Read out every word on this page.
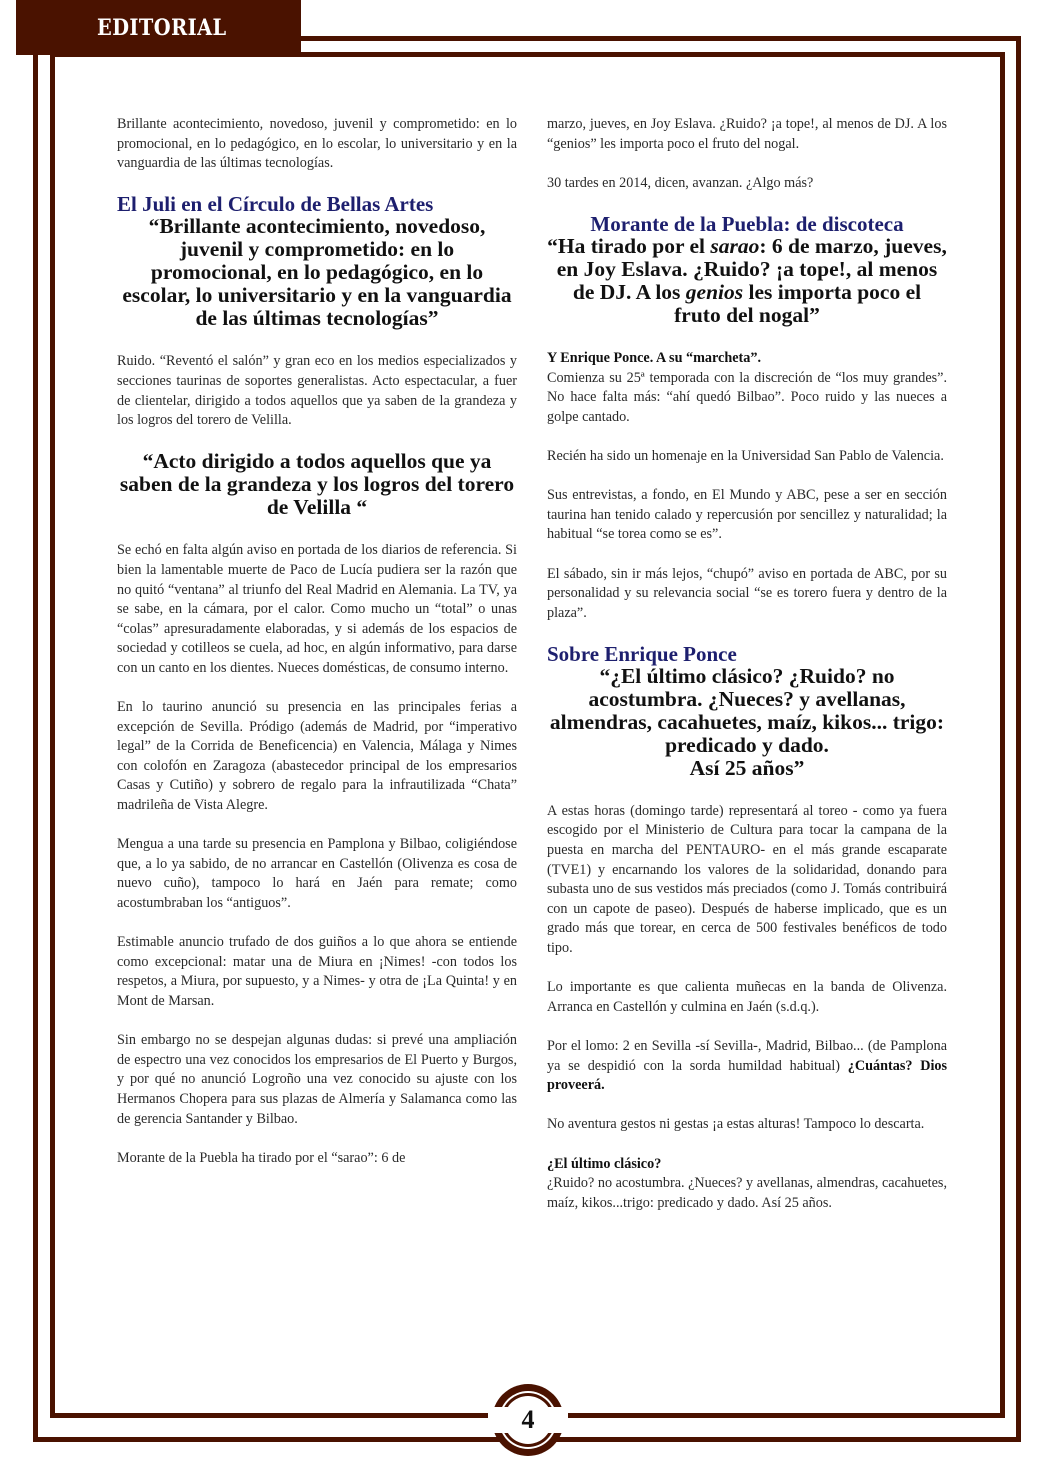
EDITORIAL

Brillante acontecimiento, novedoso, juvenil y comprometido: en lo promocional, en lo pedagógico, en lo escolar, lo universitario y en la vanguardia de las últimas tecnologías.

El Juli en el Círculo de Bellas Artes
“Brillante acontecimiento, novedoso, juvenil y comprometido: en lo promocional, en lo pedagógico, en lo escolar, lo universitario y en la vanguardia de las últimas tecnologías”

Ruido. “Reventó el salón” y gran eco en los medios especializados y secciones taurinas de soportes generalistas. Acto espectacular, a fuer de clientelar, dirigido a todos aquellos que ya saben de la grandeza y los logros del torero de Velilla.

“Acto dirigido a todos aquellos que ya saben de la grandeza y los logros del torero de Velilla “

Se echó en falta algún aviso en portada de los diarios de referencia. Si bien la lamentable muerte de Paco de Lucía pudiera ser la razón que no quitó “ventana” al triunfo del Real Madrid en Alemania. La TV, ya se sabe, en la cámara, por el calor. Como mucho un “total” o unas “colas” apresuradamente elaboradas, y si además de los espacios de sociedad y cotilleos se cuela, ad hoc, en algún informativo, para darse con un canto en los dientes. Nueces domésticas, de consumo interno.

En lo taurino anunció su presencia en las principales ferias a excepción de Sevilla. Pródigo (además de Madrid, por “imperativo legal” de la Corrida de Beneficencia) en Valencia, Málaga y Nimes con colofón en Zaragoza (abastecedor principal de los empresarios Casas y Cutiño) y sobrero de regalo para la infrautilizada “Chata” madrileña de Vista Alegre.

Mengua a una tarde su presencia en Pamplona y Bilbao, coligiéndose que, a lo ya sabido, de no arrancar en Castellón (Olivenza es cosa de nuevo cuño), tampoco lo hará en Jaén para remate; como acostumbraban los “antiguos”.

Estimable anuncio trufado de dos guiños a lo que ahora se entiende como excepcional: matar una de Miura en ¡Nimes! -con todos los respetos, a Miura, por supuesto, y a Nimes- y otra de ¡La Quinta! y en Mont de Marsan.

Sin embargo no se despejan algunas dudas: si prevé una ampliación de espectro una vez conocidos los empresarios de El Puerto y Burgos, y por qué no anunció Logroño una vez conocido su ajuste con los Hermanos Chopera para sus plazas de Almería y Salamanca como las de gerencia Santander y Bilbao.

Morante de la Puebla ha tirado por el “sarao”: 6 de

marzo, jueves, en Joy Eslava. ¿Ruido? ¡a tope!, al menos de DJ. A los “genios” les importa poco el fruto del nogal.

30 tardes en 2014, dicen, avanzan. ¿Algo más?

Morante de la Puebla: de discoteca
“Ha tirado por el sarao: 6 de marzo, jueves, en Joy Eslava. ¿Ruido? ¡a tope!, al menos de DJ. A los genios les importa poco el fruto del nogal”
Y Enrique Ponce. A su “marcheta”.

Comienza su 25ª temporada con la discreción de “los muy grandes”. No hace falta más: “ahí quedó Bilbao”. Poco ruido y las nueces a golpe cantado.

Recién ha sido un homenaje en la Universidad San Pablo de Valencia.

Sus entrevistas, a fondo, en El Mundo y ABC, pese a ser en sección taurina han tenido calado y repercusión por sencillez y naturalidad; la habitual “se torea como se es”.

El sábado, sin ir más lejos, “chupó” aviso en portada de ABC, por su personalidad y su relevancia social “se es torero fuera y dentro de la plaza”.

Sobre Enrique Ponce
“¿El último clásico? ¿Ruido? no acostumbra. ¿Nueces? y avellanas, almendras, cacahuetes, maíz, kikos... trigo: predicado y dado.
Así 25 años”

A estas horas (domingo tarde) representará al toreo - como ya fuera escogido por el Ministerio de Cultura para tocar la campana de la puesta en marcha del PENTAURO- en el más grande escaparate (TVE1) y encarnando los valores de la solidaridad, donando para subasta uno de sus vestidos más preciados (como J. Tomás contribuirá con un capote de paseo). Después de haberse implicado, que es un grado más que torear, en cerca de 500 festivales benéficos de todo tipo.

Lo importante es que calienta muñecas en la banda de Olivenza. Arranca en Castellón y culmina en Jaén (s.d.q.).

Por el lomo: 2 en Sevilla -sí Sevilla-, Madrid, Bilbao... (de Pamplona ya se despidió con la sorda humildad habitual) ¿Cuántas? Dios proveerá.

No aventura gestos ni gestas ¡a estas alturas! Tampoco lo descarta.

¿El último clásico?

¿Ruido? no acostumbra. ¿Nueces? y avellanas, almendras, cacahuetes, maíz, kikos...trigo: predicado y dado. Así 25 años.

4
